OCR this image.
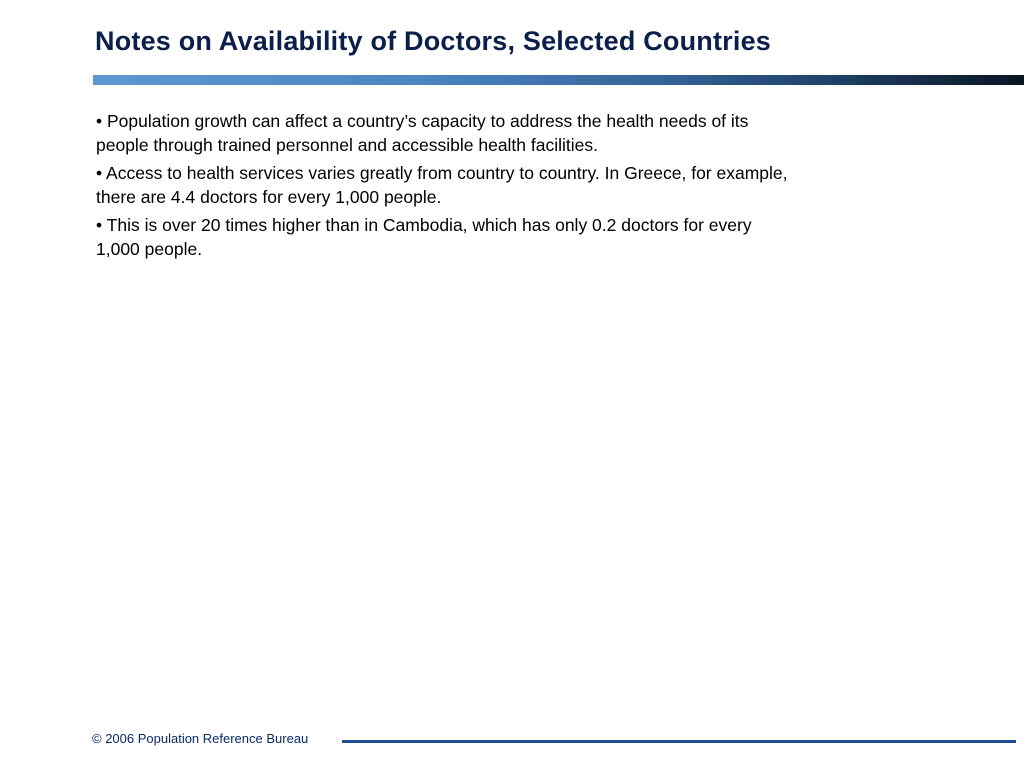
Notes on Availability of Doctors, Selected Countries
• Population growth can affect a country’s capacity to address the health needs of its people through trained personnel and accessible health facilities.
• Access to health services varies greatly from country to country. In Greece, for example, there are 4.4 doctors for every 1,000 people.
• This is over 20 times higher than in Cambodia, which has only 0.2 doctors for every 1,000 people.
© 2006 Population Reference Bureau
